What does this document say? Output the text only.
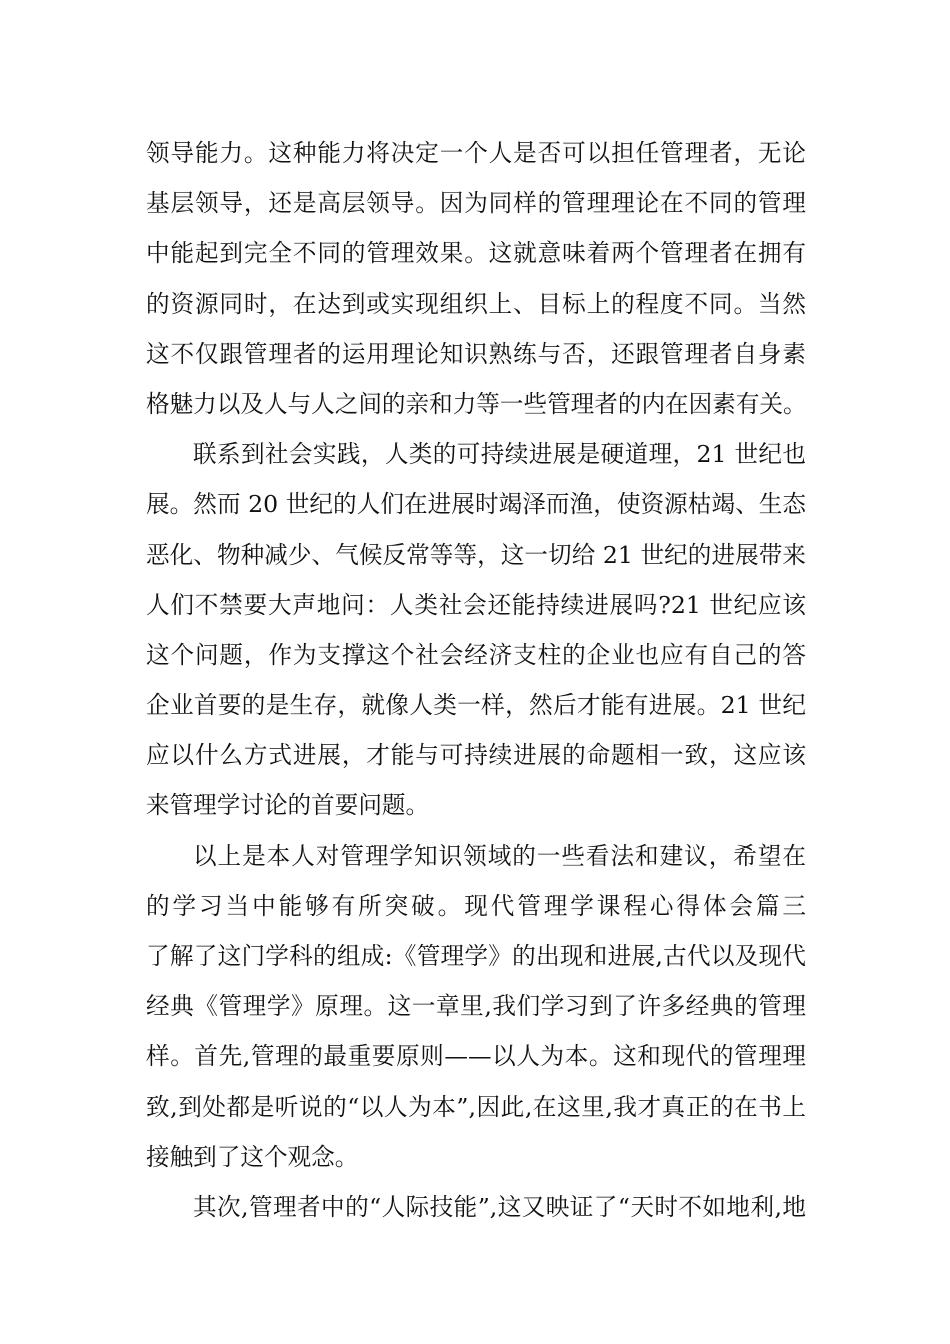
领导能力。这种能力将决定一个人是否可以担任管理者，无论
基层领导，还是高层领导。因为同样的管理理论在不同的管理
中能起到完全不同的管理效果。这就意味着两个管理者在拥有
的资源同时，在达到或实现组织上、目标上的程度不同。当然
这不仅跟管理者的运用理论知识熟练与否，还跟管理者自身素
格魅力以及人与人之间的亲和力等一些管理者的内在因素有关。
联系到社会实践，人类的可持续进展是硬道理，21 世纪也
展。然而 20 世纪的人们在进展时竭泽而渔，使资源枯竭、生态
恶化、物种减少、气候反常等等，这一切给 21 世纪的进展带来
人们不禁要大声地问：人类社会还能持续进展吗?21 世纪应该
这个问题，作为支撑这个社会经济支柱的企业也应有自己的答
企业首要的是生存，就像人类一样，然后才能有进展。21 世纪
应以什么方式进展，才能与可持续进展的命题相一致，这应该
来管理学讨论的首要问题。
以上是本人对管理学知识领域的一些看法和建议，希望在
的学习当中能够有所突破。现代管理学课程心得体会篇三　　
了解了这门学科的组成:《管理学》的出现和进展,古代以及现代
经典《管理学》原理。这一章里,我们学习到了许多经典的管理
样。首先,管理的最重要原则——以人为本。这和现代的管理理
致,到处都是听说的“以人为本”,因此,在这里,我才真正的在书上
接触到了这个观念。
其次,管理者中的“人际技能”,这又映证了“天时不如地利,地
